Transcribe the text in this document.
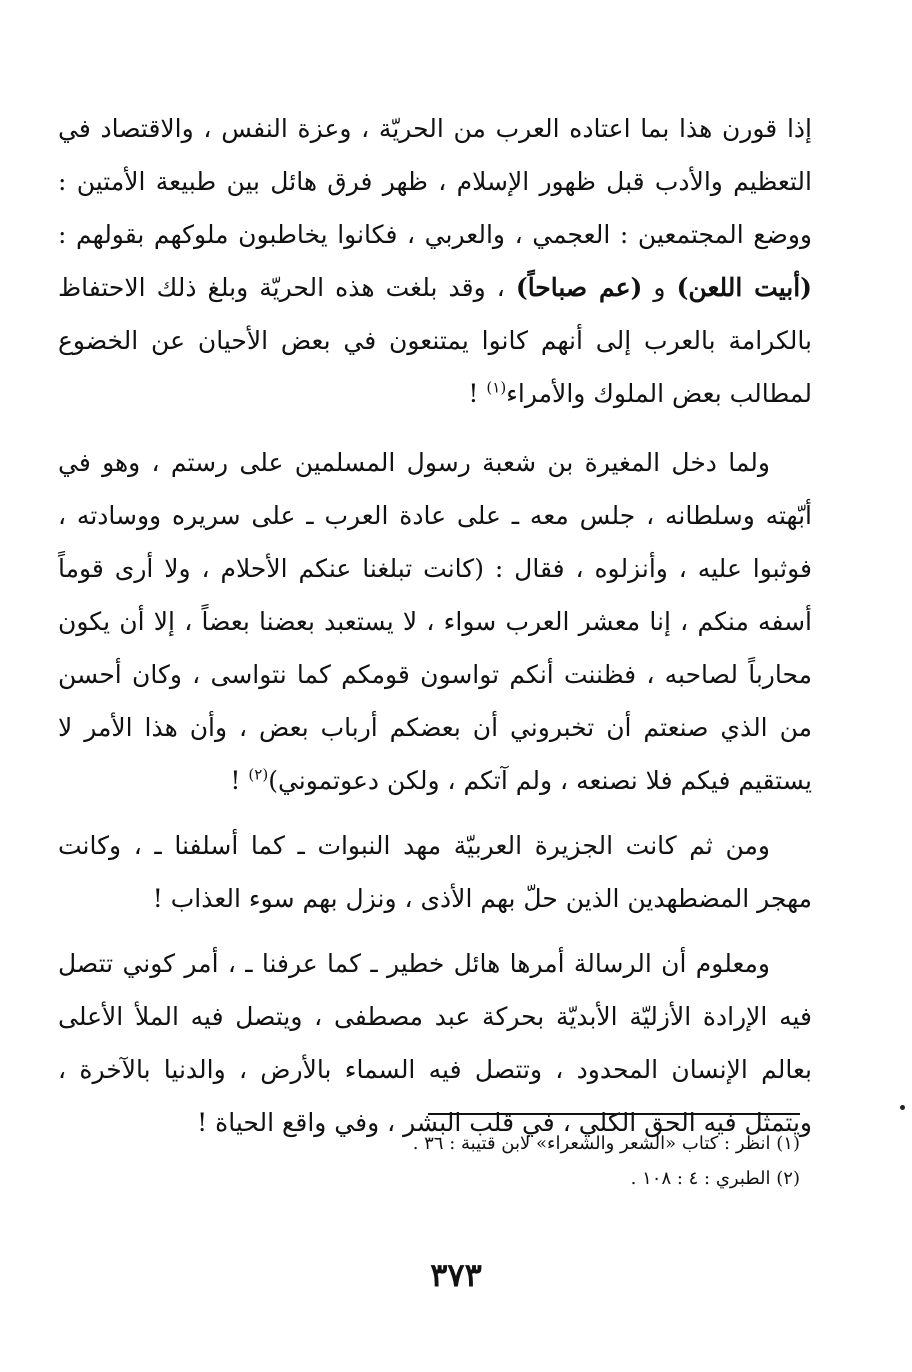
إذا قورن هذا بما اعتاده العرب من الحريّة ، وعزة النفس ، والاقتصاد في التعظيم والأدب قبل ظهور الإسلام ، ظهر فرق هائل بين طبيعة الأمتين : ووضع المجتمعين : العجمي ، والعربي ، فكانوا يخاطبون ملوكهم بقولهم : (أبيت اللعن) و (عم صباحاً) ، وقد بلغت هذه الحريّة وبلغ ذلك الاحتفاظ بالكرامة بالعرب إلى أنهم كانوا يمتنعون في بعض الأحيان عن الخضوع لمطالب بعض الملوك والأمراء$^{(١)}$ !

ولما دخل المغيرة بن شعبة رسول المسلمين على رستم ، وهو في أبّهته وسلطانه ، جلس معه ـ على عادة العرب ـ على سريره ووسادته ، فوثبوا عليه ، وأنزلوه ، فقال : (كانت تبلغنا عنكم الأحلام ، ولا أرى قوماً أسفه منكم ، إنا معشر العرب سواء ، لا يستعبد بعضنا بعضاً ، إلا أن يكون محارباً لصاحبه ، فظننت أنكم تواسون قومكم كما نتواسى ، وكان أحسن من الذي صنعتم أن تخبروني أن بعضكم أرباب بعض ، وأن هذا الأمر لا يستقيم فيكم فلا نصنعه ، ولم آتكم ، ولكن دعوتموني)$^{(٢)}$ !

ومن ثم كانت الجزيرة العربيّة مهد النبوات ـ كما أسلفنا ـ ، وكانت مهجر المضطهدين الذين حلّ بهم الأذى ، ونزل بهم سوء العذاب !

ومعلوم أن الرسالة أمرها هائل خطير ـ كما عرفنا ـ ، أمر كوني تتصل فيه الإرادة الأزليّة الأبديّة بحركة عبد مصطفى ، ويتصل فيه الملأ الأعلى بعالم الإنسان المحدود ، وتتصل فيه السماء بالأرض ، والدنيا بالآخرة ، ويتمثل فيه الحق الكلي ، في قلب البشر ، وفي واقع الحياة !

(١) انظر : كتاب «الشعر والشعراء» لابن قتيبة : ٣٦ .

(٢) الطبري : ٤ : ١٠٨ .

٣٧٣
